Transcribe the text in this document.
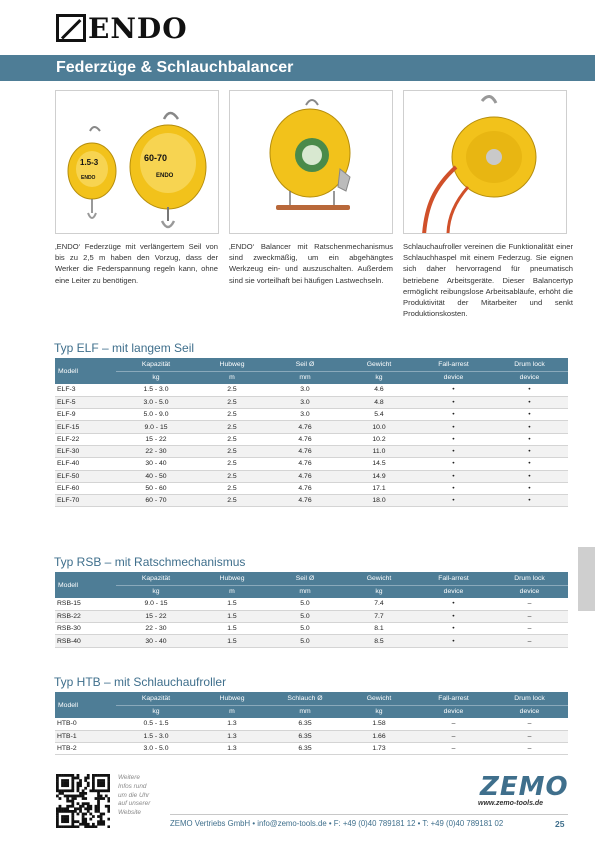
ENDO
Federzüge & Schlauchbalancer
1.5-3
ENDO
60-70
ENDO
‚ENDO‘ Federzüge mit verlängertem Seil von bis zu 2,5 m haben den Vorzug, dass der Werker die Federspannung regeln kann, ohne eine Leiter zu benötigen.
‚ENDO‘ Balancer mit Ratschenmechanismus sind zweckmäßig, um ein abgehängtes Werkzeug ein- und auszuschalten. Außerdem sind sie vorteilhaft bei häufigen Lastwechseln.
Schlauchaufroller vereinen die Funktionalität einer Schlauchhaspel mit einem Federzug. Sie eignen sich daher hervorragend für pneumatisch betriebene Arbeitsgeräte. Dieser Balancertyp ermöglicht reibungslose Arbeitsabläufe, erhöht die Produktivität der Mitarbeiter und senkt Produktionskosten.
Typ ELF – mit langem Seil
Modell	Kapazität	Hubweg	Seil Ø	Gewicht	Fall-arrest	Drum lock
	kg	m	mm	kg	device	device
ELF-3	1.5 - 3.0	2.5	3.0	4.6	•	•
ELF-5	3.0 - 5.0	2.5	3.0	4.8	•	•
ELF-9	5.0 - 9.0	2.5	3.0	5.4	•	•
ELF-15	9.0 - 15	2.5	4.76	10.0	•	•
ELF-22	15 - 22	2.5	4.76	10.2	•	•
ELF-30	22 - 30	2.5	4.76	11.0	•	•
ELF-40	30 - 40	2.5	4.76	14.5	•	•
ELF-50	40 - 50	2.5	4.76	14.9	•	•
ELF-60	50 - 60	2.5	4.76	17.1	•	•
ELF-70	60 - 70	2.5	4.76	18.0	•	•
Typ RSB – mit Ratschmechanismus
Modell	Kapazität	Hubweg	Seil Ø	Gewicht	Fall-arrest	Drum lock
	kg	m	mm	kg	device	device
RSB-15	9.0 - 15	1.5	5.0	7.4	•	–
RSB-22	15 - 22	1.5	5.0	7.7	•	–
RSB-30	22 - 30	1.5	5.0	8.1	•	–
RSB-40	30 - 40	1.5	5.0	8.5	•	–
Typ HTB – mit Schlauchaufroller
Modell	Kapazität	Hubweg	Schlauch Ø	Gewicht	Fall-arrest	Drum lock
	kg	m	mm	kg	device	device
HTB-0	0.5 - 1.5	1.3	6.35	1.58	–	–
HTB-1	1.5 - 3.0	1.3	6.35	1.66	–	–
HTB-2	3.0 - 5.0	1.3	6.35	1.73	–	–
Weitere
Infos rund
um die Uhr
auf unserer
Website
ZEMO
www.zemo-tools.de
ZEMO Vertriebs GmbH • info@zemo-tools.de • F: +49 (0)40 789181 12 • T: +49 (0)40 789181 02	25
